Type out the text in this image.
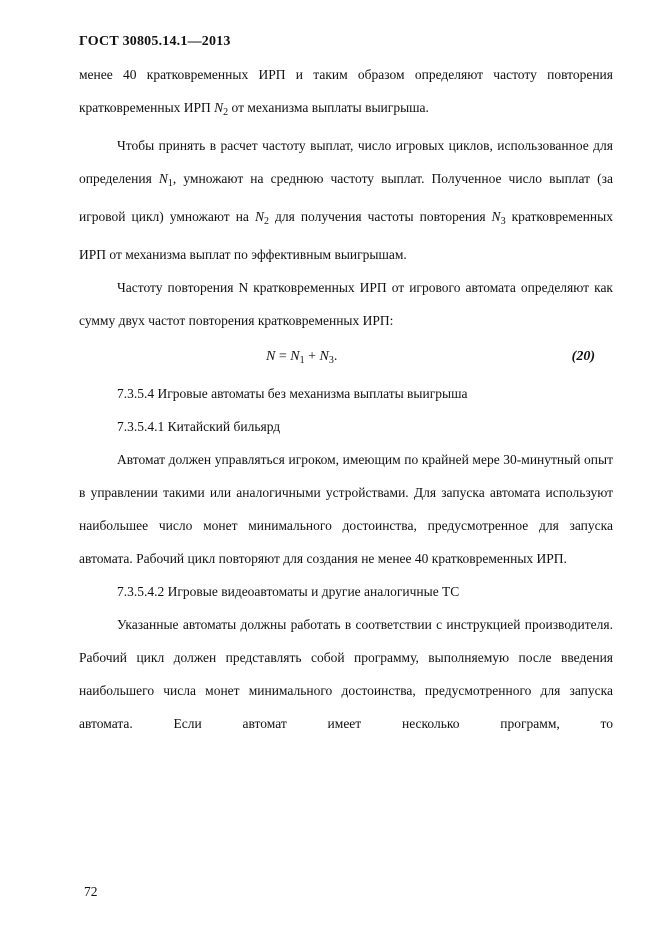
ГОСТ 30805.14.1—2013

менее 40 кратковременных ИРП и таким образом определяют частоту повторения кратковременных ИРП $N_2$ от механизма выплаты выигрыша.

Чтобы принять в расчет частоту выплат, число игровых циклов, использованное для определения $N_1$, умножают на среднюю частоту выплат. Полученное число выплат (за игровой цикл) умножают на $N_2$ для получения частоты повторения $N_3$ кратковременных ИРП от механизма выплат по эффективным выигрышам.

Частоту повторения N кратковременных ИРП от игрового автомата определяют как сумму двух частот повторения кратковременных ИРП:

$N = N_1 + N_3$.	(20)

7.3.5.4 Игровые автоматы без механизма выплаты выигрыша

7.3.5.4.1 Китайский бильярд

Автомат должен управляться игроком, имеющим по крайней мере 30-минутный опыт в управлении такими или аналогичными устройствами. Для запуска автомата используют наибольшее число монет минимального достоинства, предусмотренное для запуска автомата. Рабочий цикл повторяют для создания не менее 40 кратковременных ИРП.

7.3.5.4.2 Игровые видеоавтоматы и другие аналогичные ТС

Указанные автоматы должны работать в соответствии с инструкцией производителя. Рабочий цикл должен представлять собой программу, выполняемую после введения наибольшего числа монет минимального достоинства, предусмотренного для запуска автомата. Если автомат имеет несколько программ, то

72
